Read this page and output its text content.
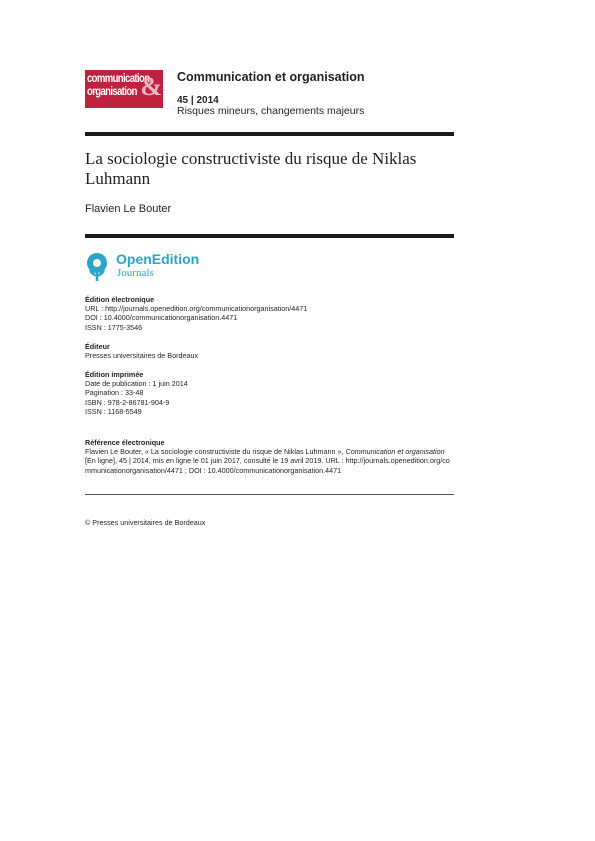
communication
organisation & Communication et organisation
45 | 2014
Risques mineurs, changements majeurs
La sociologie constructiviste du risque de Niklas Luhmann
Flavien Le Bouter
OpenEdition
Journals
Édition électronique
URL : http://journals.openedition.org/communicationorganisation/4471
DOI : 10.4000/communicationorganisation.4471
ISSN : 1775-3546
Éditeur
Presses universitaires de Bordeaux
Édition imprimée
Date de publication : 1 juin 2014
Pagination : 33-48
ISBN : 978-2-86781-904-9
ISSN : 1168-5549
Référence électronique
Flavien Le Bouter, « La sociologie constructiviste du risque de Niklas Luhmann », Communication et organisation [En ligne], 45 | 2014, mis en ligne le 01 juin 2017, consulté le 19 avril 2019. URL : http://journals.openedition.org/communicationorganisation/4471 ; DOI : 10.4000/communicationorganisation.4471
© Presses universitaires de Bordeaux
